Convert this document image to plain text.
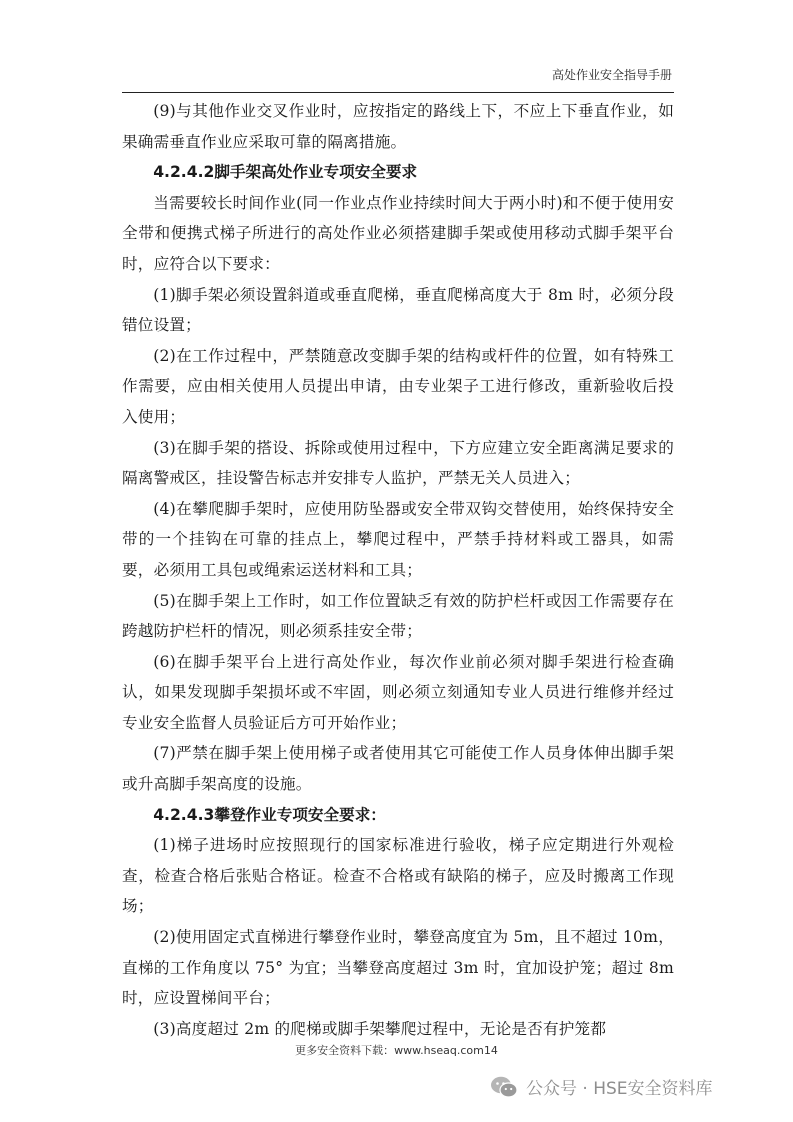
高处作业安全指导手册

(9)与其他作业交叉作业时，应按指定的路线上下，不应上下垂直作业，如果确需垂直作业应采取可靠的隔离措施。

4.2.4.2脚手架高处作业专项安全要求

当需要较长时间作业(同一作业点作业持续时间大于两小时)和不便于使用安全带和便携式梯子所进行的高处作业必须搭建脚手架或使用移动式脚手架平台时，应符合以下要求：

(1)脚手架必须设置斜道或垂直爬梯，垂直爬梯高度大于 8m 时，必须分段错位设置；

(2)在工作过程中，严禁随意改变脚手架的结构或杆件的位置，如有特殊工作需要，应由相关使用人员提出申请，由专业架子工进行修改，重新验收后投入使用；

(3)在脚手架的搭设、拆除或使用过程中，下方应建立安全距离满足要求的隔离警戒区，挂设警告标志并安排专人监护，严禁无关人员进入；

(4)在攀爬脚手架时，应使用防坠器或安全带双钩交替使用，始终保持安全带的一个挂钩在可靠的挂点上，攀爬过程中，严禁手持材料或工器具，如需要，必须用工具包或绳索运送材料和工具；

(5)在脚手架上工作时，如工作位置缺乏有效的防护栏杆或因工作需要存在跨越防护栏杆的情况，则必须系挂安全带；

(6)在脚手架平台上进行高处作业，每次作业前必须对脚手架进行检查确认，如果发现脚手架损坏或不牢固，则必须立刻通知专业人员进行维修并经过专业安全监督人员验证后方可开始作业；

(7)严禁在脚手架上使用梯子或者使用其它可能使工作人员身体伸出脚手架或升高脚手架高度的设施。

4.2.4.3攀登作业专项安全要求：

(1)梯子进场时应按照现行的国家标准进行验收，梯子应定期进行外观检查，检查合格后张贴合格证。检查不合格或有缺陷的梯子，应及时搬离工作现场；

(2)使用固定式直梯进行攀登作业时，攀登高度宜为 5m，且不超过 10m，直梯的工作角度以 75° 为宜；当攀登高度超过 3m 时，宜加设护笼；超过 8m 时，应设置梯间平台；

(3)高度超过 2m 的爬梯或脚手架攀爬过程中，无论是否有护笼都

更多安全资料下载：www.hseaq.com14
公众号 · HSE安全资料库
